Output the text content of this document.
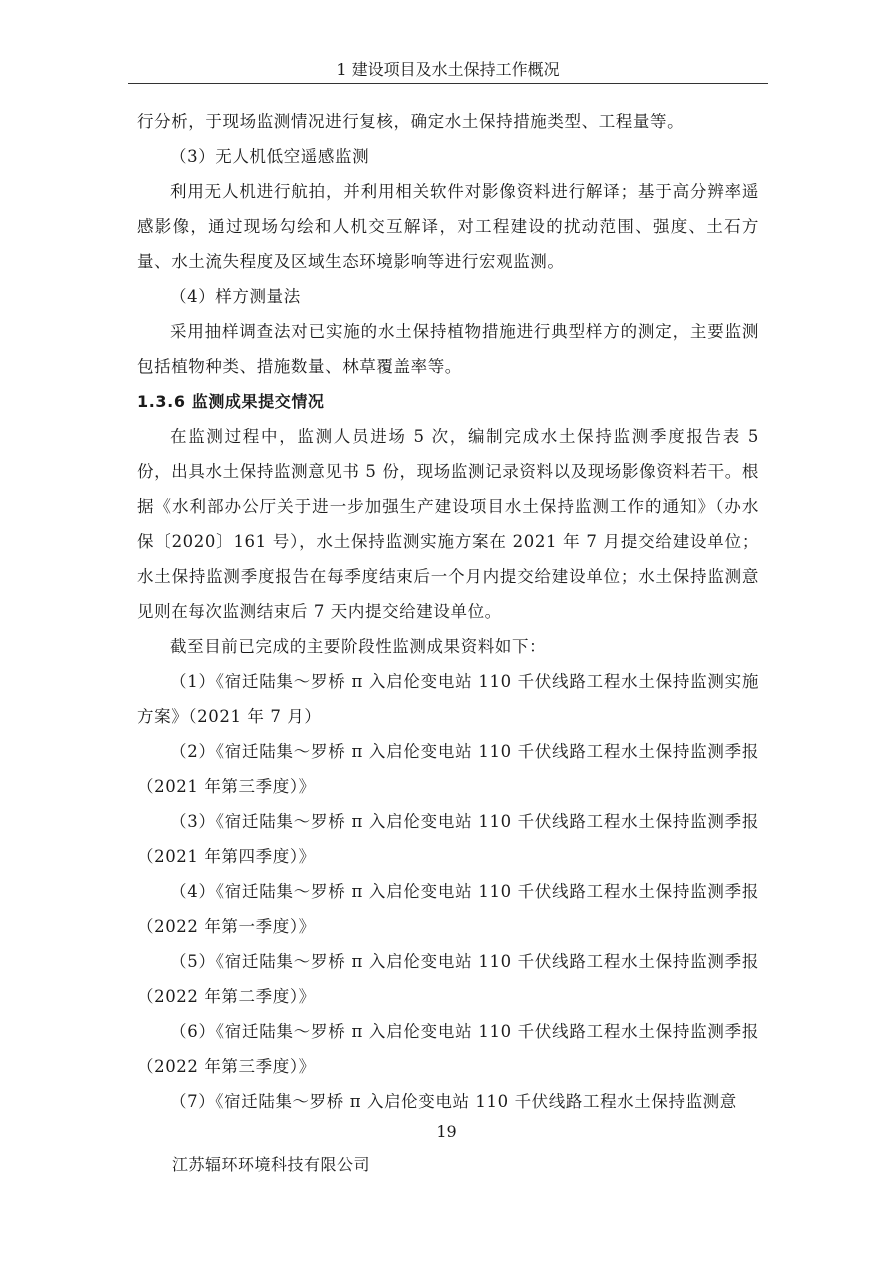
1 建设项目及水土保持工作概况

行分析，于现场监测情况进行复核，确定水土保持措施类型、工程量等。

（3）无人机低空遥感监测

利用无人机进行航拍，并利用相关软件对影像资料进行解译；基于高分辨率遥感影像，通过现场勾绘和人机交互解译，对工程建设的扰动范围、强度、土石方量、水土流失程度及区域生态环境影响等进行宏观监测。

（4）样方测量法

采用抽样调查法对已实施的水土保持植物措施进行典型样方的测定，主要监测包括植物种类、措施数量、林草覆盖率等。

1.3.6 监测成果提交情况

在监测过程中，监测人员进场 5 次，编制完成水土保持监测季度报告表 5 份，出具水土保持监测意见书 5 份，现场监测记录资料以及现场影像资料若干。根据《水利部办公厅关于进一步加强生产建设项目水土保持监测工作的通知》（办水保〔2020〕161 号），水土保持监测实施方案在 2021 年 7 月提交给建设单位；水土保持监测季度报告在每季度结束后一个月内提交给建设单位；水土保持监测意见则在每次监测结束后 7 天内提交给建设单位。

截至目前已完成的主要阶段性监测成果资料如下：

（1）《宿迁陆集～罗桥 π 入启伦变电站 110 千伏线路工程水土保持监测实施方案》（2021 年 7 月）

（2）《宿迁陆集～罗桥 π 入启伦变电站 110 千伏线路工程水土保持监测季报（2021 年第三季度）》

（3）《宿迁陆集～罗桥 π 入启伦变电站 110 千伏线路工程水土保持监测季报（2021 年第四季度）》

（4）《宿迁陆集～罗桥 π 入启伦变电站 110 千伏线路工程水土保持监测季报（2022 年第一季度）》

（5）《宿迁陆集～罗桥 π 入启伦变电站 110 千伏线路工程水土保持监测季报（2022 年第二季度）》

（6）《宿迁陆集～罗桥 π 入启伦变电站 110 千伏线路工程水土保持监测季报（2022 年第三季度）》

（7）《宿迁陆集～罗桥 π 入启伦变电站 110 千伏线路工程水土保持监测意

19
江苏辐环环境科技有限公司
